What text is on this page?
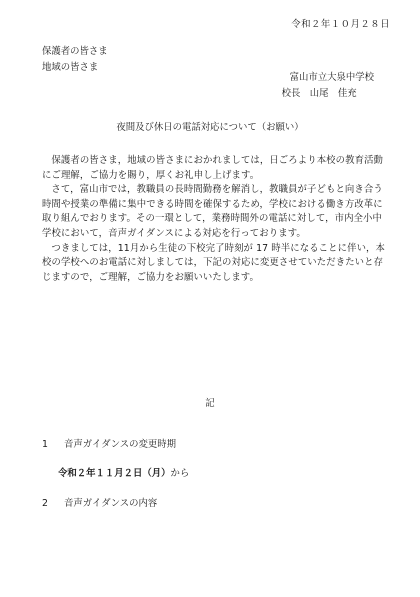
令和２年１０月２８日
保護者の皆さま
地域の皆さま
富山市立大泉中学校
校長　山尾　佳充
夜間及び休日の電話対応について（お願い）

保護者の皆さま，地域の皆さまにおかれましては，日ごろより本校の教育活動にご理解，ご協力を賜り，厚くお礼申し上げます。

さて，富山市では，教職員の長時間勤務を解消し，教職員が子どもと向き合う時間や授業の準備に集中できる時間を確保するため，学校における働き方改革に取り組んでおります。その一環として，業務時間外の電話に対して，市内全小中学校において，音声ガイダンスによる対応を行っております。

つきましては，11月から生徒の下校完了時刻が 17 時半になることに伴い，本校の学校へのお電話に対しましては，下記の対応に変更させていただきたいと存じますので，ご理解，ご協力をお願いいたします。

記
1 音声ガイダンスの変更時期
令和２年１１月２日（月）から
2 音声ガイダンスの内容
